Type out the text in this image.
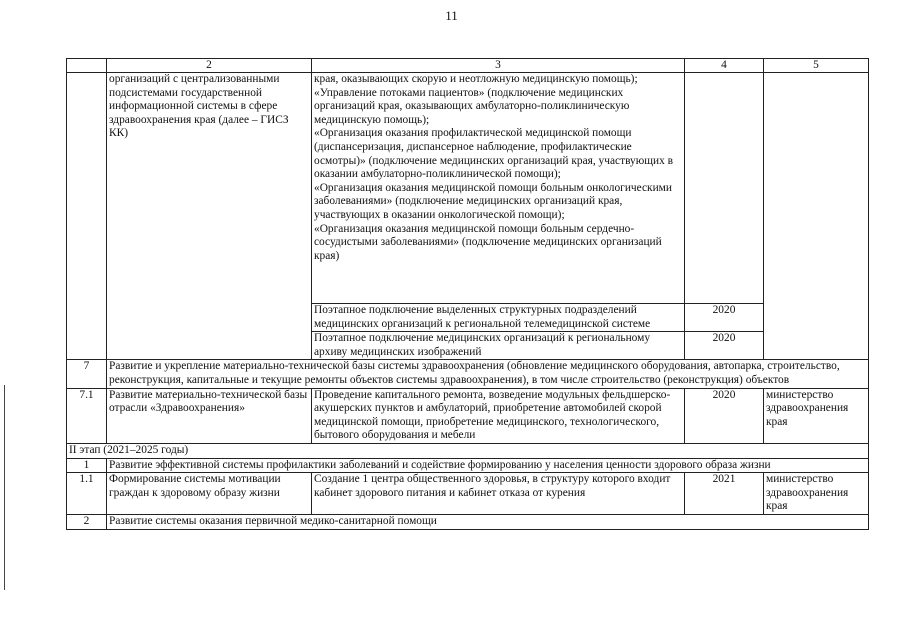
11
	2	3	4	5
	организаций с централизованными подсистемами государственной информационной системы в сфере здравоохранения края (далее – ГИСЗ КК)	края, оказывающих скорую и неотложную медицинскую помощь);
«Управление потоками пациентов» (подключение медицинских организаций края, оказывающих амбулаторно-поликлиническую медицинскую помощь);
«Организация оказания профилактической медицинской помощи (диспансеризация, диспансерное наблюдение, профилактические осмотры)» (подключение медицинских организаций края, участвующих в оказании амбулаторно-поликлинической помощи);
«Организация оказания медицинской помощи больным онкологическими заболеваниями» (подключение медицинских организаций края, участвующих в оказании онкологической помощи);
«Организация оказания медицинской помощи больным сердечно-сосудистыми заболеваниями» (подключение медицинских организаций края)		

		Поэтапное подключение выделенных структурных подразделений медицинских организаций к региональной телемедицинской системе	2020	
		Поэтапное подключение медицинских организаций к региональному архиву медицинских изображений	2020	
7	Развитие и укрепление материально-технической базы системы здравоохранения (обновление медицинского оборудования, автопарка, строительство, реконструкция, капитальные и текущие ремонты объектов системы здравоохранения), в том числе строительство (реконструкция) объектов			
7.1	Развитие материально-технической базы отрасли «Здравоохранения»	Проведение капитального ремонта, возведение модульных фельдшерско-акушерских пунктов и амбулаторий, приобретение автомобилей скорой медицинской помощи, приобретение медицинского, технологического, бытового оборудования и мебели	2020	министерство здравоохранения края
II этап (2021–2025 годы)				
1	Развитие эффективной системы профилактики заболеваний и содействие формированию у населения ценности здорового образа жизни			
1.1	Формирование системы мотивации граждан к здоровому образу жизни	Создание 1 центра общественного здоровья, в структуру которого входит кабинет здорового питания и кабинет отказа от курения	2021	министерство здравоохранения края
2	Развитие системы оказания первичной медико-санитарной помощи			
